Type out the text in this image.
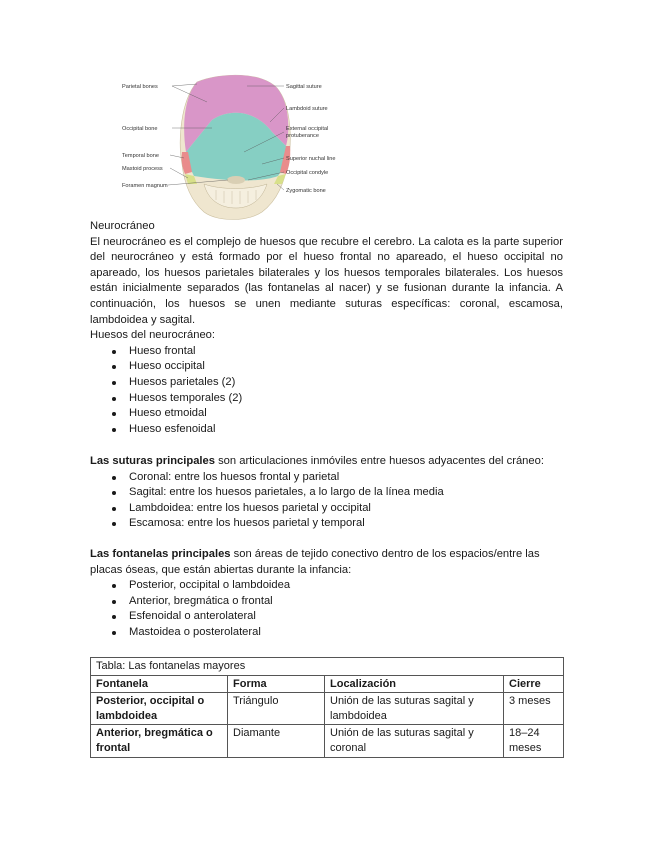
Parietal bones
Occipital bone
Temporal bone
Mastoid process
Foramen magnum
Sagittal suture
Lambdoid suture
External occipital
protuberance
Superior nuchal line
Occipital condyle
Zygomatic bone

Neurocráneo

El neurocráneo es el complejo de huesos que recubre el cerebro. La calota es la parte superior del neurocráneo y está formado por el hueso frontal no apareado, el hueso occipital no apareado, los huesos parietales bilaterales y los huesos temporales bilaterales. Los huesos están inicialmente separados (las fontanelas al nacer) y se fusionan durante la infancia. A continuación, los huesos se unen mediante suturas específicas: coronal, escamosa, lambdoidea y sagital.

Huesos del neurocráneo:

Hueso frontal
Hueso occipital
Huesos parietales (2)
Huesos temporales (2)
Hueso etmoidal
Hueso esfenoidal

Las suturas principales son articulaciones inmóviles entre huesos adyacentes del cráneo:

Coronal: entre los huesos frontal y parietal
Sagital: entre los huesos parietales, a lo largo de la línea media
Lambdoidea: entre los huesos parietal y occipital
Escamosa: entre los huesos parietal y temporal

Las fontanelas principales son áreas de tejido conectivo dentro de los espacios/entre las placas óseas, que están abiertas durante la infancia:

Posterior, occipital o lambdoidea
Anterior, bregmática o frontal
Esfenoidal o anterolateral
Mastoidea o posterolateral
Tabla: Las fontanelas mayores			
Fontanela	Forma	Localización	Cierre
Posterior, occipital o lambdoidea	Triángulo	Unión de las suturas sagital y lambdoidea	3 meses
Anterior, bregmática o frontal	Diamante	Unión de las suturas sagital y coronal	18–24 meses
